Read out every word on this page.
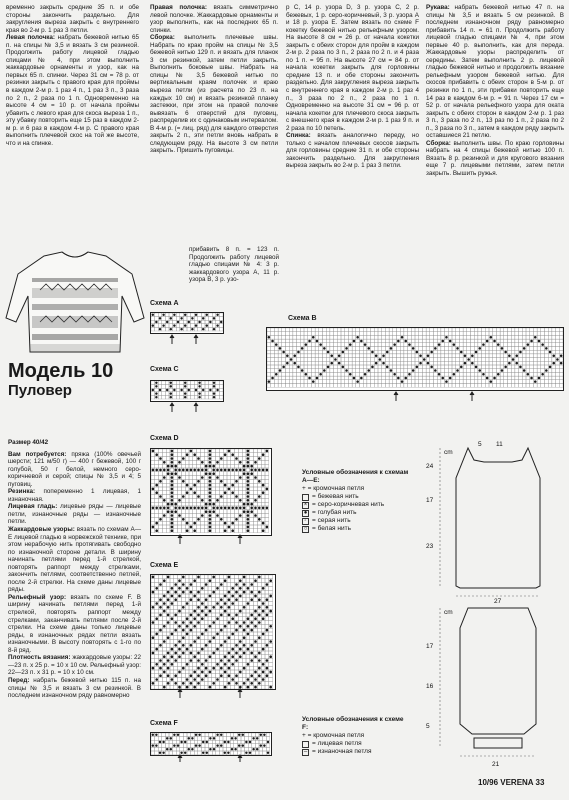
временно закрыть средние 35 п. и обе стороны закончить раздельно. Для закругления выреза закрыть с внутреннего края во 2-м р. 1 раз 3 петли.

Левая полочка: набрать бежевой нитью 65 п. на спицы № 3,5 и вязать 3 см резинкой. Продолжить работу лицевой гладью спицами № 4, при этом выполнить жаккардовые орнаменты и узор, как на первых 65 п. спинки. Через 31 см = 78 р. от резинки закрыть с правого края для проймы в каждом 2-м р. 1 раз 4 п., 1 раз 3 п., 3 раза по 2 п., 2 раза по 1 п. Одновременно на высоте 4 см = 10 р. от начала проймы убавить с левого края для скоса выреза 1 п., эту убавку повторить еще 15 раз в каждом 2-м р. и 6 раз в каждом 4-м р. С правого края выполнить плечевой скос на той же высоте, что и на спинке.

Правая полочка: вязать симметрично левой полочке. Жаккардовые орнаменты и узор выполнить, как на последних 65 п. спинки.

Сборка: выполнить плечевые швы. Набрать по краю пройм на спицы № 3,5 бежевой нитью 129 п. и вязать для планок 3 см резинкой, затем петли закрыть. Выполнить боковые швы. Набрать на спицы № 3,5 бежевой нитью по вертикальным краям полочек и краю выреза петли (из расчета по 23 п. на каждых 10 см) и вязать резинкой планку застежки, при этом на правой полочке вывязать 6 отверстий для пуговиц, распределив их с одинаковым интервалом. В 4-м р. (= лиц. ряд) для каждого отверстия закрыть 2 п., эти петли вновь набрать в следующем ряду. На высоте 3 см петли закрыть. Пришить пуговицы.

р С, 14 р. узора D, 3 р. узора С, 2 р. бежевых, 1 р. серо-коричневый, 3 р. узора А и 18 р. узора Е. Затем вязать по схеме F кокетку бежевой нитью рельефным узором. На высоте 8 см = 26 р. от начала кокетки закрыть с обеих сторон для пройм в каждом 2-м р. 2 раза по 3 п., 2 раза по 2 п. и 4 раза по 1 п. = 95 п. На высоте 27 см = 84 р. от начала кокетки закрыть для горловины средние 13 п. и обе стороны закончить раздельно. Для закругления выреза закрыть с внутреннего края в каждом 2-м р. 1 раз 4 п., 3 раза по 2 п., 2 раза по 1 п. Одновременно на высоте 31 см = 96 р. от начала кокетки для плечевого скоса закрыть с внешнего края в каждом 2-м р. 1 раз 9 п. и 2 раза по 10 петель.

Спинка: вязать аналогично переду, но только с началом плечевых скосов закрыть для горловины средние 31 п. и обе стороны закончить раздельно. Для закругления выреза закрыть во 2-м р. 1 раз 3 петли.

Рукава: набрать бежевой нитью 47 п. на спицы № 3,5 и вязать 5 см резинкой. В последнем изнаночном ряду равномерно прибавить 14 п. = 61 п. Продолжить работу лицевой гладью спицами № 4, при этом первые 40 р. выполнить, как для переда. Жаккардовые узоры распределить от середины. Затем выполнить 2 р. лицевой гладью бежевой нитью и продолжить вязание рельефным узором бежевой нитью. Для скосов прибавить с обеих сторон в 5-м р. от резинки по 1 п., эти прибавки повторить еще 14 раз в каждом 6-м р. = 91 п. Через 17 см = 52 р. от начала рельефного узора для оката закрыть с обеих сторон в каждом 2-м р. 1 раз 3 п., 3 раза по 2 п., 13 раз по 1 п., 2 раза по 2 п., 3 раза по 3 п., затем в каждом ряду закрыть оставшиеся 21 петлю.

Сборка: выполнить швы. По краю горловины набрать на 4 спицы бежевой нитью 100 п. Вязать 8 р. резинкой и для кругового вязания еще 7 р. лицевыми петлями, затем петли закрыть. Вышить ружья.

прибавить 8 п. = 123 п. Продолжить работу лицевой гладью спицами № 4: 3 р. жаккардового узора А, 11 р. узора В, 3 р. узо-

Модель 10
Пуловер

Размер 40/42

Вам потребуется: пряжа (100% овечьей шерсти; 121 м/50 г) — 400 г бежевой, 100 г голубой, 50 г белой, немного серо-коричневой и серой; спицы № 3,5 и 4; 5 пуговиц.

Резинка: попеременно 1 лицевая, 1 изнаночная.

Лицевая гладь: лицевые ряды — лицевые петли, изнаночные ряды — изнаночные петли.

Жаккардовые узоры: вязать по схемам А—Е лицевой гладью в норвежской технике, при этом нерабочую нить протягивать свободно по изнаночной стороне детали. В ширину начинать петлями перед 1-й стрелкой, повторять раппорт между стрелками, закончить петлями, соответственно петлей, после 2-й стрелки. На схеме даны лицевые ряды.

Рельефный узор: вязать по схеме F. В ширину начинать петлями перед 1-й стрелкой, повторять раппорт между стрелками, заканчивать петлями после 2-й стрелки. На схеме даны только лицевые ряды, в изнаночных рядах петли вязать изнаночными. В высоту повторять с 1-го по 8-й ряд.

Плотность вязания: жаккардовые узоры: 22—23 п. х 25 р. = 10 х 10 см. Рельефный узор: 22—23 п. х 31 р. = 10 х 10 см.

Перед: набрать бежевой нитью 115 п. на спицы № 3,5 и вязать 3 см резинкой. В последнем изнаночном ряду равномерно

Схема А
Схема B
Схема С
Схема D
Схема E
Схема F
Условные обозначения к схемам А—Е:
+ = кромочная петля
= бежевая нить
× = серо-коричневая нить
● = голубая нить
◦ = серая нить
○ = белая нить
Условные обозначения к схеме F:
+ = кромочная петля
= лицевая петля
– = изнаночная петля
5 11
17
27
23
24
17
16
5
21
cm
cm
10/96 VERENA 33
